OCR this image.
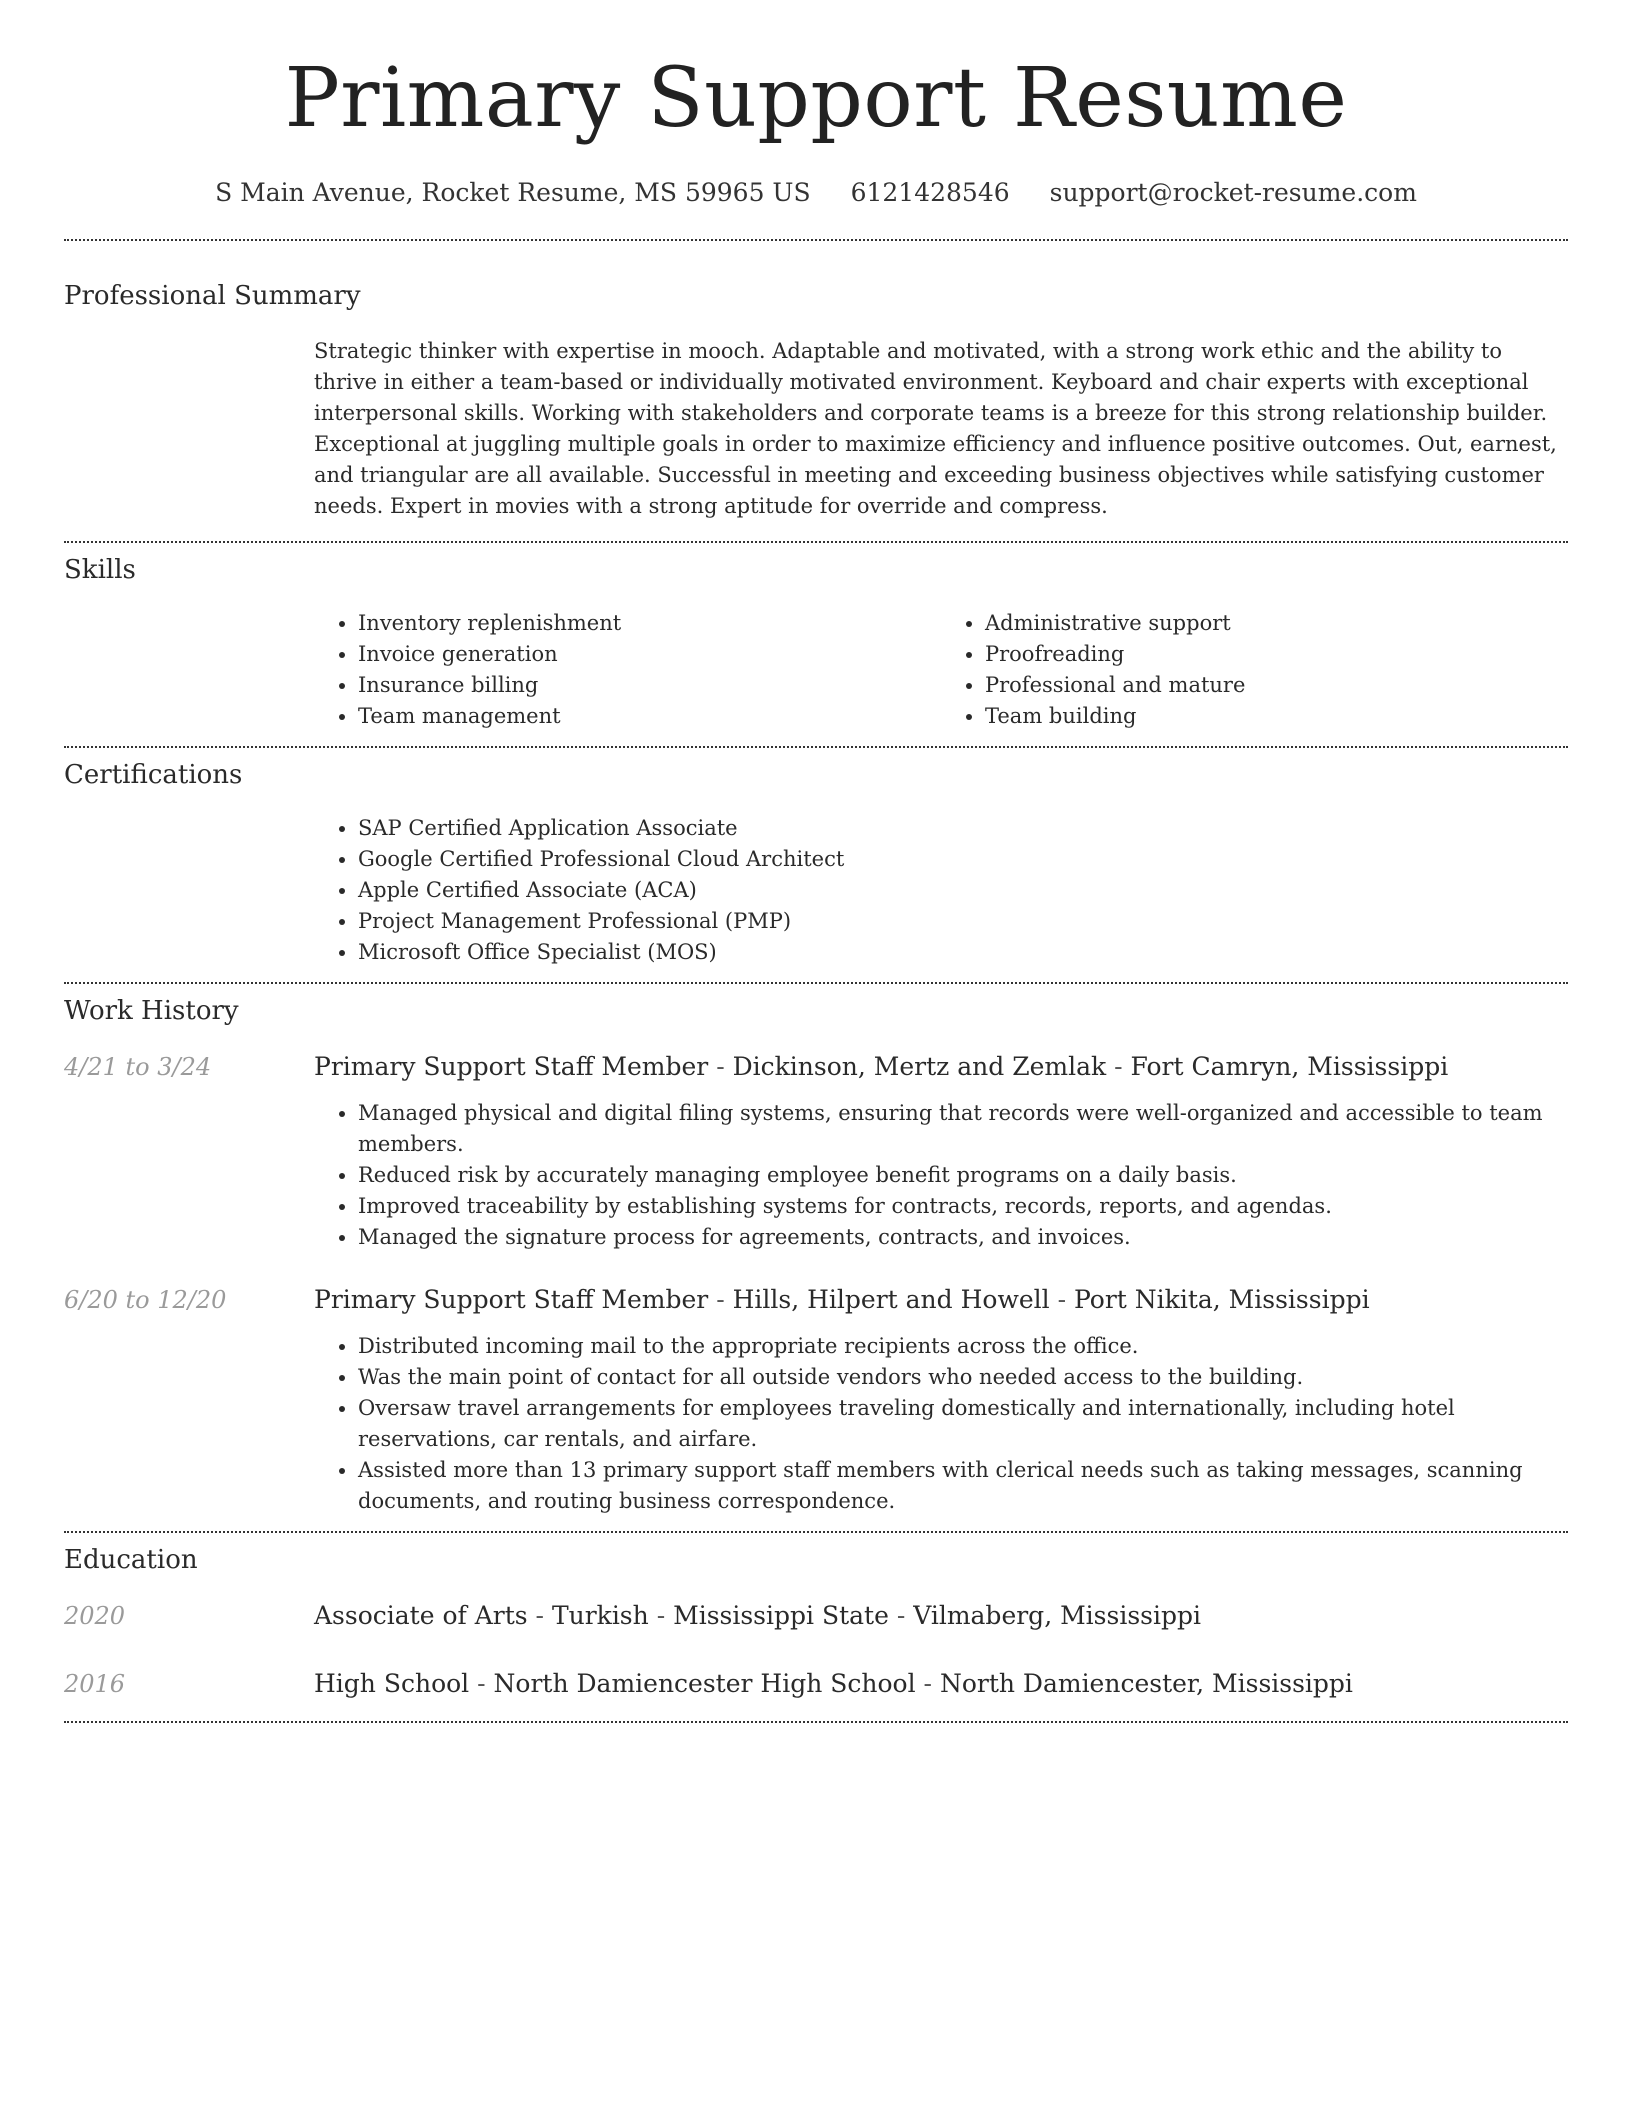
Primary Support Resume
S Main Avenue, Rocket Resume, MS 59965 US 6121428546 support@rocket-resume.com
Professional Summary
Strategic thinker with expertise in mooch. Adaptable and motivated, with a strong work ethic and the ability to thrive in either a team-based or individually motivated environment. Keyboard and chair experts with exceptional interpersonal skills. Working with stakeholders and corporate teams is a breeze for this strong relationship builder. Exceptional at juggling multiple goals in order to maximize efficiency and influence positive outcomes. Out, earnest, and triangular are all available. Successful in meeting and exceeding business objectives while satisfying customer needs. Expert in movies with a strong aptitude for override and compress.
Skills
• Inventory replenishment
• Invoice generation
• Insurance billing
• Team management
• Administrative support
• Proofreading
• Professional and mature
• Team building
Certifications
• SAP Certified Application Associate
• Google Certified Professional Cloud Architect
• Apple Certified Associate (ACA)
• Project Management Professional (PMP)
• Microsoft Office Specialist (MOS)
Work History
4/21 to 3/24	Primary Support Staff Member - Dickinson, Mertz and Zemlak - Fort Camryn, Mississippi
• Managed physical and digital filing systems, ensuring that records were well-organized and accessible to team members.
• Reduced risk by accurately managing employee benefit programs on a daily basis.
• Improved traceability by establishing systems for contracts, records, reports, and agendas.
• Managed the signature process for agreements, contracts, and invoices.
6/20 to 12/20	Primary Support Staff Member - Hills, Hilpert and Howell - Port Nikita, Mississippi
• Distributed incoming mail to the appropriate recipients across the office.
• Was the main point of contact for all outside vendors who needed access to the building.
• Oversaw travel arrangements for employees traveling domestically and internationally, including hotel reservations, car rentals, and airfare.
• Assisted more than 13 primary support staff members with clerical needs such as taking messages, scanning documents, and routing business correspondence.
Education
2020	Associate of Arts - Turkish - Mississippi State - Vilmaberg, Mississippi
2016	High School - North Damiencester High School - North Damiencester, Mississippi
